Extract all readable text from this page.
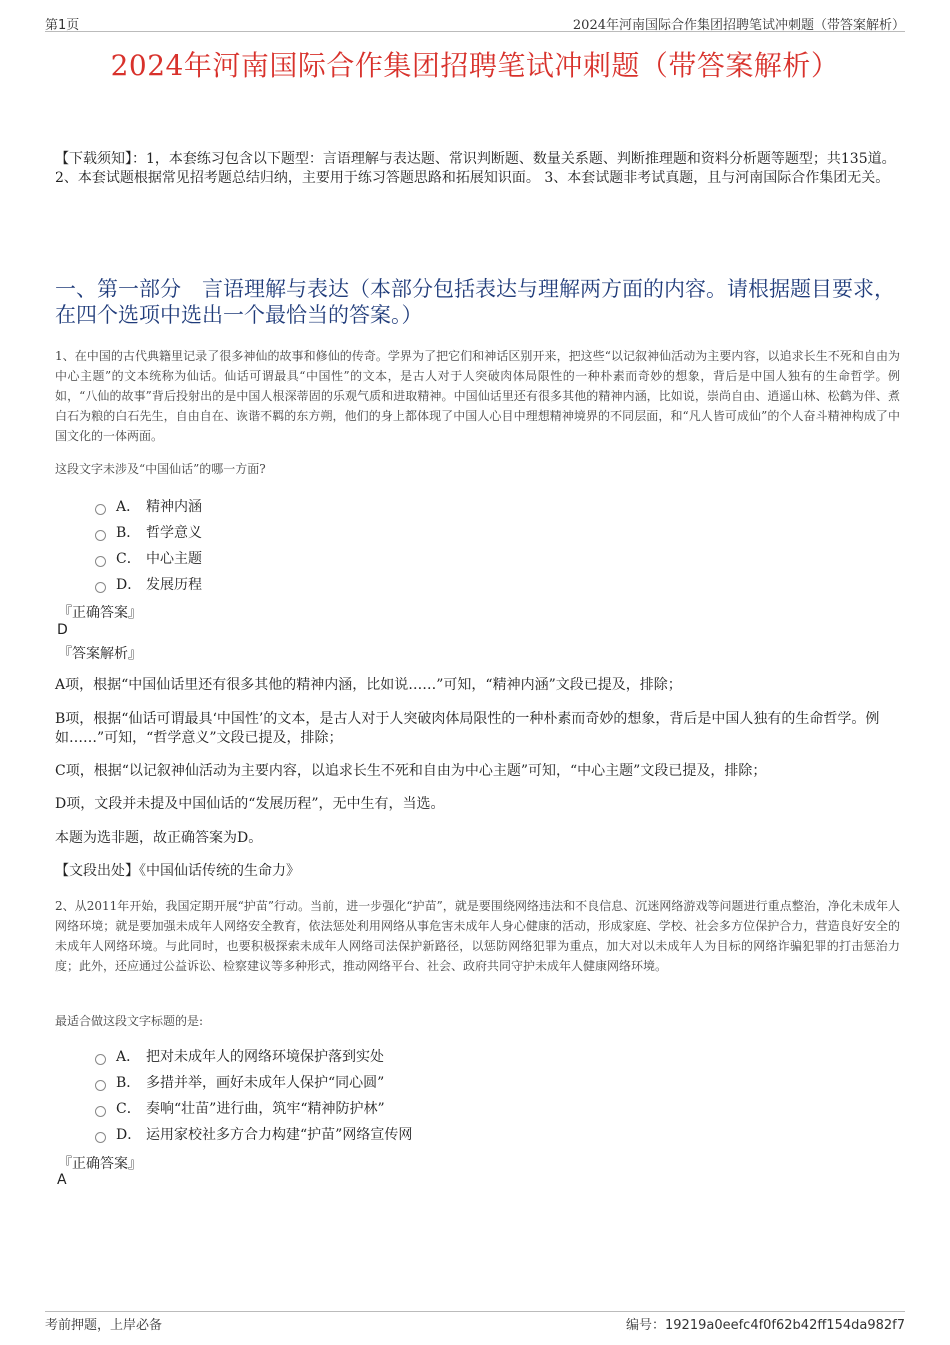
第1页	2024年河南国际合作集团招聘笔试冲刺题（带答案解析）
2024年河南国际合作集团招聘笔试冲刺题（带答案解析）
【下载须知】：1，本套练习包含以下题型：言语理解与表达题、常识判断题、数量关系题、判断推理题和资料分析题等题型；共135道。 2、本套试题根据常见招考题总结归纳，主要用于练习答题思路和拓展知识面。 3、本套试题非考试真题，且与河南国际合作集团无关。
一、第一部分　言语理解与表达（本部分包括表达与理解两方面的内容。请根据题目要求，在四个选项中选出一个最恰当的答案。）
1、在中国的古代典籍里记录了很多神仙的故事和修仙的传奇。学界为了把它们和神话区别开来，把这些“以记叙神仙活动为主要内容，以追求长生不死和自由为中心主题”的文本统称为仙话。仙话可谓最具“中国性”的文本，是古人对于人突破肉体局限性的一种朴素而奇妙的想象，背后是中国人独有的生命哲学。例如，“八仙的故事”背后投射出的是中国人根深蒂固的乐观气质和进取精神。中国仙话里还有很多其他的精神内涵，比如说，崇尚自由、逍遥山林、松鹤为伴、煮白石为粮的白石先生，自由自在、诙谐不羁的东方朔，他们的身上都体现了中国人心目中理想精神境界的不同层面，和“凡人皆可成仙”的个人奋斗精神构成了中国文化的一体两面。
这段文字未涉及“中国仙话”的哪一方面?
A． 精神内涵
B． 哲学意义
C． 中心主题
D． 发展历程
『正确答案』
D
『答案解析』
A项，根据“中国仙话里还有很多其他的精神内涵，比如说……”可知，“精神内涵”文段已提及，排除；
B项，根据“仙话可谓最具‘中国性’的文本，是古人对于人突破肉体局限性的一种朴素而奇妙的想象，背后是中国人独有的生命哲学。例如……”可知，“哲学意义”文段已提及，排除；
C项，根据“以记叙神仙活动为主要内容，以追求长生不死和自由为中心主题”可知，“中心主题”文段已提及，排除；
D项，文段并未提及中国仙话的“发展历程”，无中生有，当选。
本题为选非题，故正确答案为D。
【文段出处】《中国仙话传统的生命力》
2、从2011年开始，我国定期开展“护苗”行动。当前，进一步强化“护苗”，就是要围绕网络违法和不良信息、沉迷网络游戏等问题进行重点整治，净化未成年人网络环境；就是要加强未成年人网络安全教育，依法惩处利用网络从事危害未成年人身心健康的活动，形成家庭、学校、社会多方位保护合力，营造良好安全的未成年人网络环境。与此同时，也要积极探索未成年人网络司法保护新路径，以惩防网络犯罪为重点，加大对以未成年人为目标的网络诈骗犯罪的打击惩治力度；此外，还应通过公益诉讼、检察建议等多种形式，推动网络平台、社会、政府共同守护未成年人健康网络环境。
最适合做这段文字标题的是:
A． 把对未成年人的网络环境保护落到实处
B． 多措并举，画好未成年人保护“同心圆”
C． 奏响“壮苗”进行曲，筑牢“精神防护林”
D． 运用家校社多方合力构建“护苗”网络宣传网
『正确答案』
A
考前押题，上岸必备	编号：19219a0eefc4f0f62b42ff154da982f7
